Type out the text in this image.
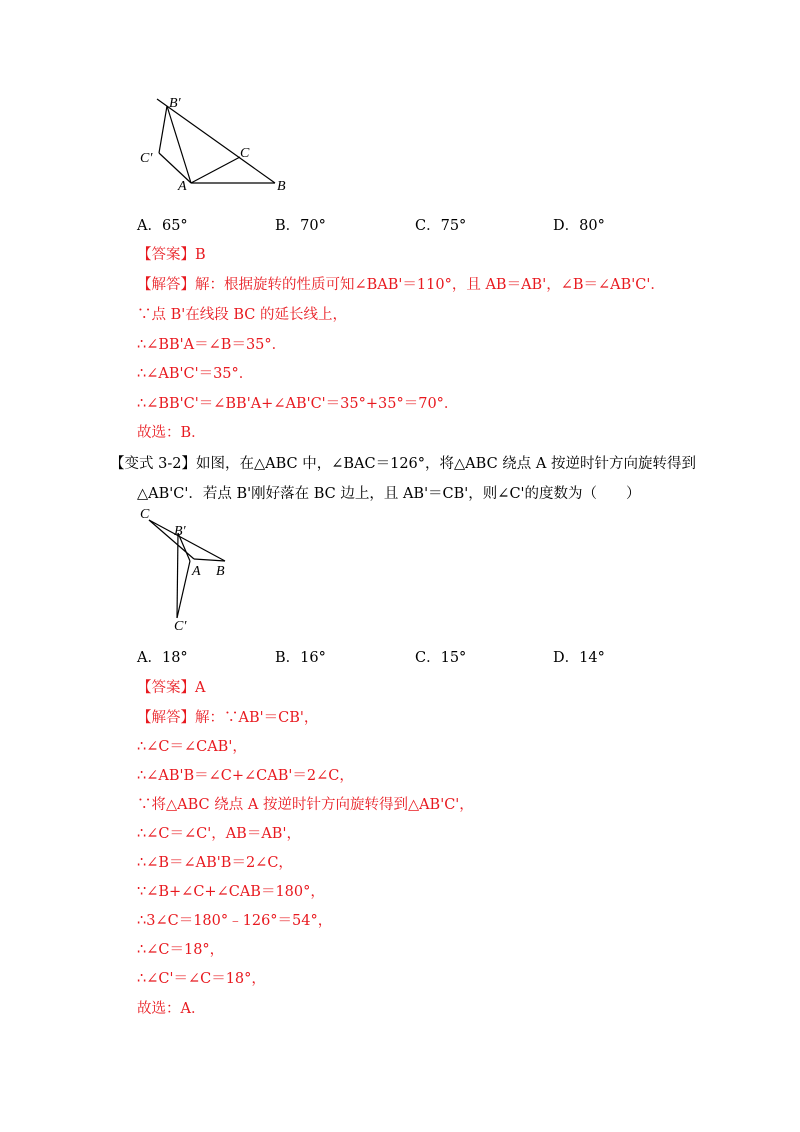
B′
C′	C
A	B
A．65°	B．70°	C．75°	D．80°
【答案】B
【解答】解：根据旋转的性质可知∠BAB'＝110°，且 AB＝AB'，∠B＝∠AB'C'．
∵点 B'在线段 BC 的延长线上，
∴∠BB'A＝∠B＝35°．
∴∠AB'C'＝35°．
∴∠BB'C'＝∠BB'A+∠AB'C'＝35°+35°＝70°．
故选：B．
【变式 3-2】如图，在△ABC 中，∠BAC＝126°，将△ABC 绕点 A 按逆时针方向旋转得到
△AB'C'．若点 B'刚好落在 BC 边上，且 AB'＝CB'，则∠C'的度数为（　　）
C
B′
A B
C′
A．18°	B．16°	C．15°	D．14°
【答案】A
【解答】解：∵AB'＝CB'，
∴∠C＝∠CAB'，
∴∠AB'B＝∠C+∠CAB'＝2∠C，
∵将△ABC 绕点 A 按逆时针方向旋转得到△AB'C'，
∴∠C＝∠C'，AB＝AB'，
∴∠B＝∠AB'B＝2∠C，
∵∠B+∠C+∠CAB＝180°，
∴3∠C＝180°﹣126°＝54°，
∴∠C＝18°，
∴∠C'＝∠C＝18°，
故选：A．
